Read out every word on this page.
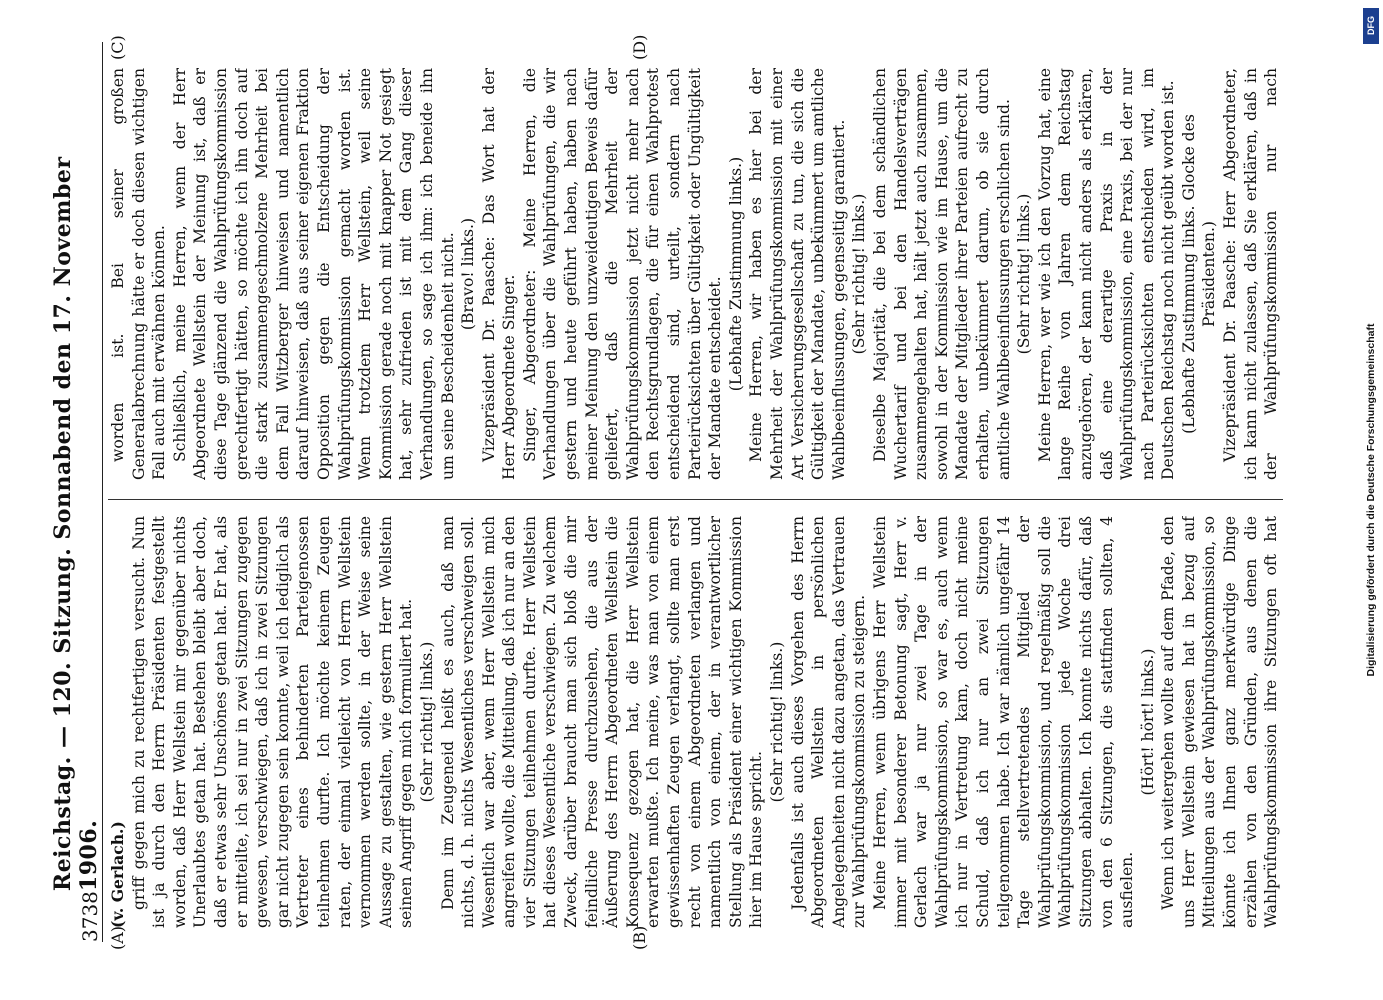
3738
Reichstag. — 120. Sitzung. Sonnabend den 17. November 1906.
(A)	(B)
(C)	(D)

(v. Gerlach.) griff gegen mich zu rechtfertigen versucht. Nun ist ja durch den Herrn Präsidenten festgestellt worden, daß Herr Wellstein mir gegenüber nichts Unerlaubtes getan hat. Bestehen bleibt aber doch, daß er etwas sehr Unschönes getan hat. Er hat, als er mitteilte, ich sei nur in zwei Sitzungen zugegen gewesen, verschwiegen, daß ich in zwei Sitzungen gar nicht zugegen sein konnte, weil ich lediglich als Vertreter eines behinderten Parteigenossen teilnehmen durfte. Ich möchte keinem Zeugen raten, der einmal vielleicht von Herrn Wellstein vernommen werden sollte, in der Weise seine Aussage zu gestalten, wie gestern Herr Wellstein seinen Angriff gegen mich formuliert hat. (Sehr richtig! links.) Denn im Zeugeneid heißt es auch, daß man nichts, d. h. nichts Wesentliches verschweigen soll. Wesentlich war aber, wenn Herr Wellstein mich angreifen wollte, die Mitteilung, daß ich nur an den vier Sitzungen teilnehmen durfte. Herr Wellstein hat dieses Wesentliche verschwiegen. Zu welchem Zweck, darüber braucht man sich bloß die mir feindliche Presse durchzusehen, die aus der Äußerung des Herrn Abgeordneten Wellstein die Konsequenz gezogen hat, die Herr Wellstein erwarten mußte. Ich meine, was man von einem gewissenhaften Zeugen verlangt, sollte man erst recht von einem Abgeordneten verlangen und namentlich von einem, der in verantwortlicher Stellung als Präsident einer wichtigen Kommission hier im Hause spricht.

(Sehr richtig! links.) Jedenfalls ist auch dieses Vorgehen des Herrn Abgeordneten Wellstein in persönlichen Angelegenheiten nicht dazu angetan, das Vertrauen zur Wahlprüfungskommission zu steigern. Meine Herren, wenn übrigens Herr Wellstein immer mit besonderer Betonung sagt, Herr v. Gerlach war ja nur zwei Tage in der Wahlprüfungskommission, so war es, auch wenn ich nur in Vertretung kam, doch nicht meine Schuld, daß ich nur an zwei Sitzungen teilgenommen habe. Ich war nämlich ungefähr 14 Tage stellvertretendes Mitglied der Wahlprüfungskommission, und regelmäßig soll die Wahlprüfungskommission jede Woche drei Sitzungen abhalten. Ich konnte nichts dafür, daß von den 6 Sitzungen, die stattfinden sollten, 4 ausfielen.

(Hört! hört! links.)

Wenn ich weitergehen wollte auf dem Pfade, den uns Herr Wellstein gewiesen hat in bezug auf Mitteilungen aus der Wahlprüfungskommission, so könnte ich Ihnen ganz merkwürdige Dinge erzählen von den Gründen, aus denen die Wahlprüfungskommission ihre Sitzungen oft hat

worden ist. Bei seiner großen Generalabrechnung hätte er doch diesen wichtigen Fall auch mit erwähnen können. Schließlich, meine Herren, wenn der Herr Abgeordnete Wellstein der Meinung ist, daß er diese Tage glänzend die Wahlprüfungskommission gerechtfertigt hätten, so möchte ich ihn doch auf die stark zusammengeschmolzene Mehrheit bei dem Fall Witzberger hinweisen und namentlich darauf hinweisen, daß aus seiner eigenen Fraktion Opposition gegen die Entscheidung der Wahlprüfungskommission gemacht worden ist. Wenn trotzdem Herr Wellstein, weil seine Kommission gerade noch mit knapper Not gesiegt hat, sehr zufrieden ist mit dem Gang dieser Verhandlungen, so sage ich ihm: ich beneide ihn um seine Bescheidenheit nicht. (Bravo! links.) Vizepräsident Dr. Paasche: Das Wort hat der Herr Abgeordnete Singer. Singer, Abgeordneter: Meine Herren, die Verhandlungen über die Wahlprüfungen, die wir gestern und heute geführt haben, haben nach meiner Meinung den unzweideutigen Beweis dafür geliefert, daß die Mehrheit der Wahlprüfungskommission jetzt nicht mehr nach den Rechtsgrundlagen, die für einen Wahlprotest entscheidend sind, urteilt, sondern nach Parteirücksichten über Gültigkeit oder Ungültigkeit der Mandate entscheidet. (Lebhafte Zustimmung links.) Meine Herren, wir haben es hier bei der Mehrheit der Wahlprüfungskommission mit einer Art Versicherungsgesellschaft zu tun, die sich die Gültigkeit der Mandate, unbekümmert um amtliche Wahlbeeinflussungen, gegenseitig garantiert. (Sehr richtig! links.) Dieselbe Majorität, die bei dem schändlichen Wuchertarif und bei den Handelsverträgen zusammengehalten hat, hält jetzt auch zusammen, sowohl in der Kommission wie im Hause, um die Mandate der Mitglieder ihrer Parteien aufrecht zu erhalten, unbekümmert darum, ob sie durch amtliche Wahlbeeinflussungen erschlichen sind. (Sehr richtig! links.) Meine Herren, wer wie ich den Vorzug hat, eine lange Reihe von Jahren dem Reichstag anzugehören, der kann nicht anders als erklären, daß eine derartige Praxis in der Wahlprüfungskommission, eine Praxis, bei der nur nach Parteirücksichten entschieden wird, im Deutschen Reichstag noch nicht geübt worden ist. (Lebhafte Zustimmung links. Glocke des Präsidenten.)

Vizepräsident Dr. Paasche: Herr Abgeordneter, ich kann nicht zulassen, daß Sie erklären, daß in der Wahlprüfungskommission nur nach

DFG
Digitalisierung gefördert durch die Deutsche Forschungsgemeinschaft
